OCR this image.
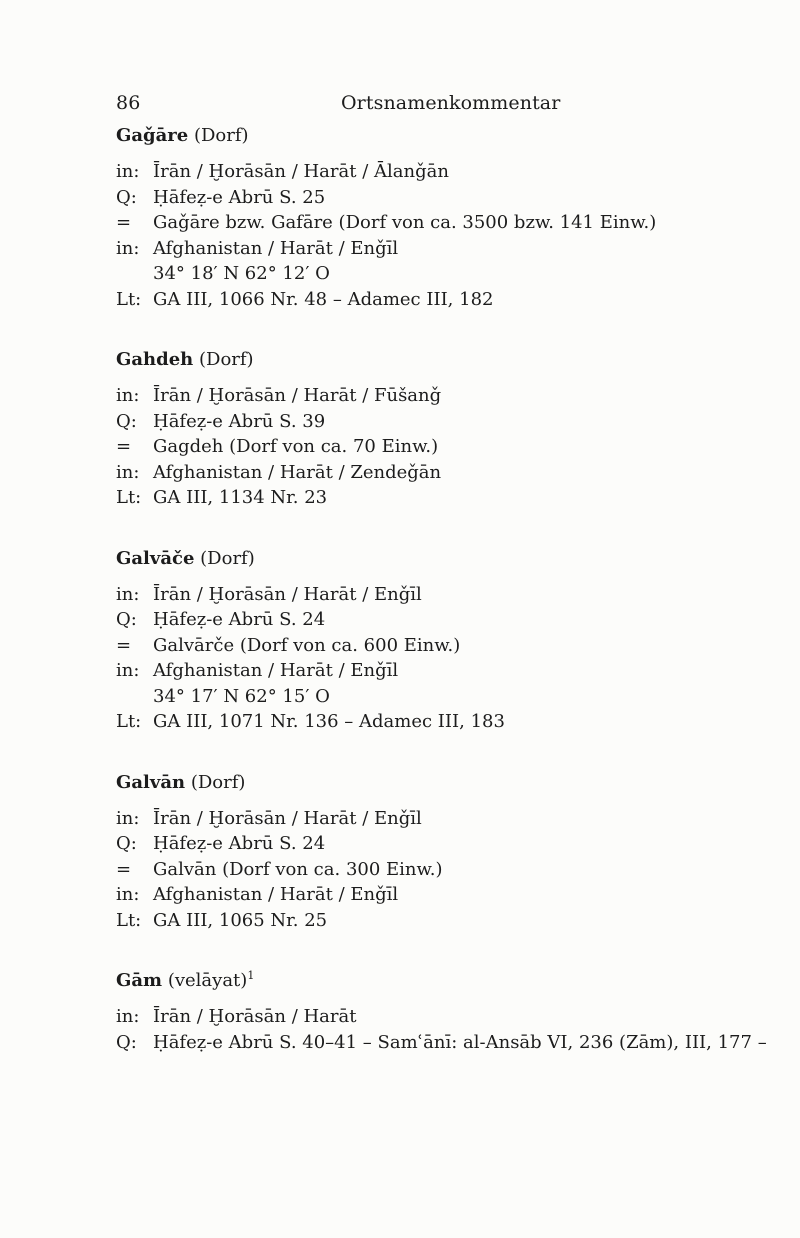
86	Ortsnamenkommentar
Gaǧāre (Dorf)
in: Īrān / Ḫorāsān / Harāt / Ālanǧān
Q: Ḥāfeẓ-e Abrū S. 25
= Gaǧāre bzw. Gafāre (Dorf von ca. 3500 bzw. 141 Einw.)
in: Afghanistan / Harāt / Enǧīl
34° 18′ N 62° 12′ O
Lt: GA III, 1066 Nr. 48 – Adamec III, 182
Gahdeh (Dorf)
in: Īrān / Ḫorāsān / Harāt / Fūšanǧ
Q: Ḥāfeẓ-e Abrū S. 39
= Gagdeh (Dorf von ca. 70 Einw.)
in: Afghanistan / Harāt / Zendeǧān
Lt: GA III, 1134 Nr. 23
Galvāče (Dorf)
in: Īrān / Ḫorāsān / Harāt / Enǧīl
Q: Ḥāfeẓ-e Abrū S. 24
= Galvārče (Dorf von ca. 600 Einw.)
in: Afghanistan / Harāt / Enǧīl
34° 17′ N 62° 15′ O
Lt: GA III, 1071 Nr. 136 – Adamec III, 183
Galvān (Dorf)
in: Īrān / Ḫorāsān / Harāt / Enǧīl
Q: Ḥāfeẓ-e Abrū S. 24
= Galvān (Dorf von ca. 300 Einw.)
in: Afghanistan / Harāt / Enǧīl
Lt: GA III, 1065 Nr. 25
Gām (velāyat)$^1$
in: Īrān / Ḫorāsān / Harāt
Q: Ḥāfeẓ-e Abrū S. 40–41 – Samʿānī: al-Ansāb VI, 236 (Zām), III, 177 –
